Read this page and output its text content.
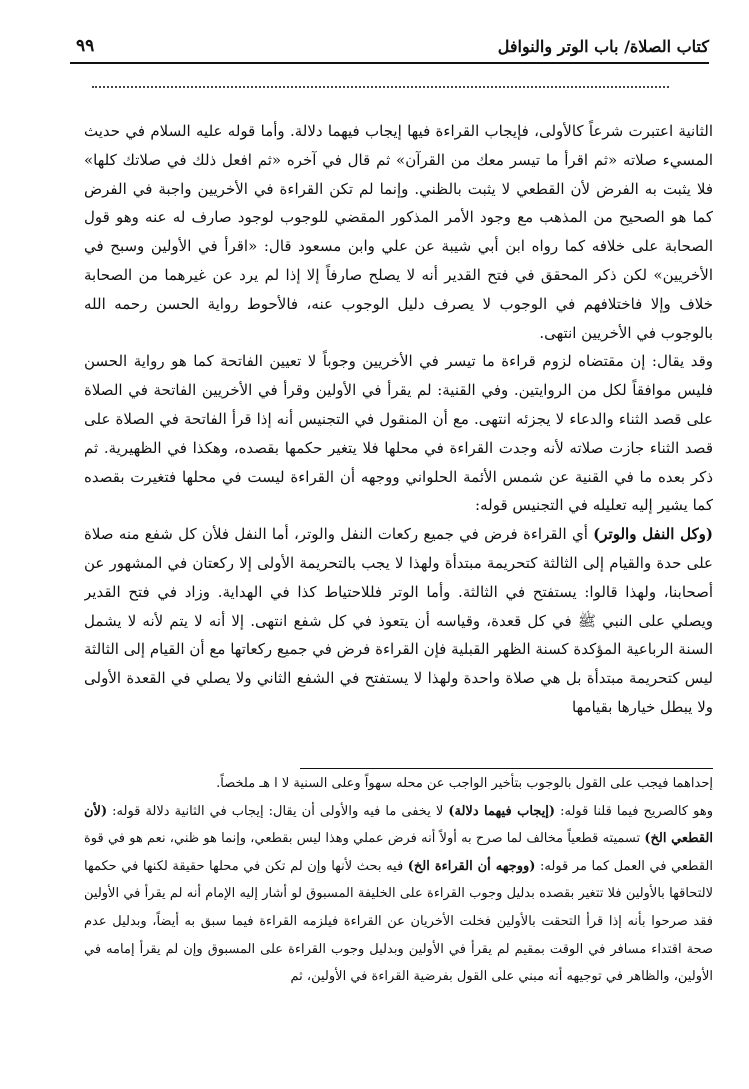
٩٩	كتاب الصلاة/ باب الوتر والنوافل

الثانية اعتبرت شرعاً كالأولى، فإيجاب القراءة فيها إيجاب فيهما دلالة. وأما قوله عليه السلام في حديث المسيء صلاته «ثم اقرأ ما تيسر معك من القرآن» ثم قال في آخره «ثم افعل ذلك في صلاتك كلها» فلا يثبت به الفرض لأن القطعي لا يثبت بالظني. وإنما لم تكن القراءة في الأخريين واجبة في الفرض كما هو الصحيح من المذهب مع وجود الأمر المذكور المقضي للوجوب لوجود صارف له عنه وهو قول الصحابة على خلافه كما رواه ابن أبي شيبة عن علي وابن مسعود قال: «اقرأ في الأولين وسبح في الأخريين» لكن ذكر المحقق في فتح القدير أنه لا يصلح صارفاً إلا إذا لم يرد عن غيرهما من الصحابة خلاف وإلا فاختلافهم في الوجوب لا يصرف دليل الوجوب عنه، فالأحوط رواية الحسن رحمه الله بالوجوب في الأخريين انتهى.

وقد يقال: إن مقتضاه لزوم قراءة ما تيسر في الأخريين وجوباً لا تعيين الفاتحة كما هو رواية الحسن فليس موافقاً لكل من الروايتين. وفي القنية: لم يقرأ في الأولين وقرأ في الأخريين الفاتحة في الصلاة على قصد الثناء والدعاء لا يجزئه انتهى. مع أن المنقول في التجنيس أنه إذا قرأ الفاتحة في الصلاة على قصد الثناء جازت صلاته لأنه وجدت القراءة في محلها فلا يتغير حكمها بقصده، وهكذا في الظهيرية. ثم ذكر بعده ما في القنية عن شمس الأئمة الحلواني ووجهه أن القراءة ليست في محلها فتغيرت بقصده كما يشير إليه تعليله في التجنيس قوله:

(وكل النفل والوتر) أي القراءة فرض في جميع ركعات النفل والوتر، أما النفل فلأن كل شفع منه صلاة على حدة والقيام إلى الثالثة كتحريمة مبتدأة ولهذا لا يجب بالتحريمة الأولى إلا ركعتان في المشهور عن أصحابنا، ولهذا قالوا: يستفتح في الثالثة. وأما الوتر فللاحتياط كذا في الهداية. وزاد في فتح القدير ويصلي على النبي ﷺ في كل قعدة، وقياسه أن يتعوذ في كل شفع انتهى. إلا أنه لا يتم لأنه لا يشمل السنة الرباعية المؤكدة كسنة الظهر القبلية فإن القراءة فرض في جميع ركعاتها مع أن القيام إلى الثالثة ليس كتحريمة مبتدأة بل هي صلاة واحدة ولهذا لا يستفتح في الشفع الثاني ولا يصلي في القعدة الأولى ولا يبطل خيارها بقيامها

إحداهما فيجب على القول بالوجوب بتأخير الواجب عن محله سهواً وعلى السنية لا ا هـ ملخصاً.

وهو كالصريح فيما قلنا قوله: (إيجاب فيهما دلالة) لا يخفى ما فيه والأولى أن يقال: إيجاب في الثانية دلالة قوله: (لأن القطعي الخ) تسميته قطعياً مخالف لما صرح به أولاً أنه فرض عملي وهذا ليس بقطعي، وإنما هو ظني، نعم هو في قوة القطعي في العمل كما مر قوله: (ووجهه أن القراءة الخ) فيه بحث لأنها وإن لم تكن في محلها حقيقة لكنها في حكمها لالتحاقها بالأولين فلا تتغير بقصده بدليل وجوب القراءة على الخليفة المسبوق لو أشار إليه الإمام أنه لم يقرأ في الأولين فقد صرحوا بأنه إذا قرأ التحقت بالأولين فخلت الأخريان عن القراءة فيلزمه القراءة فيما سبق به أيضاً، وبدليل عدم صحة اقتداء مسافر في الوقت بمقيم لم يقرأ في الأولين وبدليل وجوب القراءة على المسبوق وإن لم يقرأ إمامه في الأولين، والظاهر في توجيهه أنه مبني على القول بفرضية القراءة في الأولين، ثم
